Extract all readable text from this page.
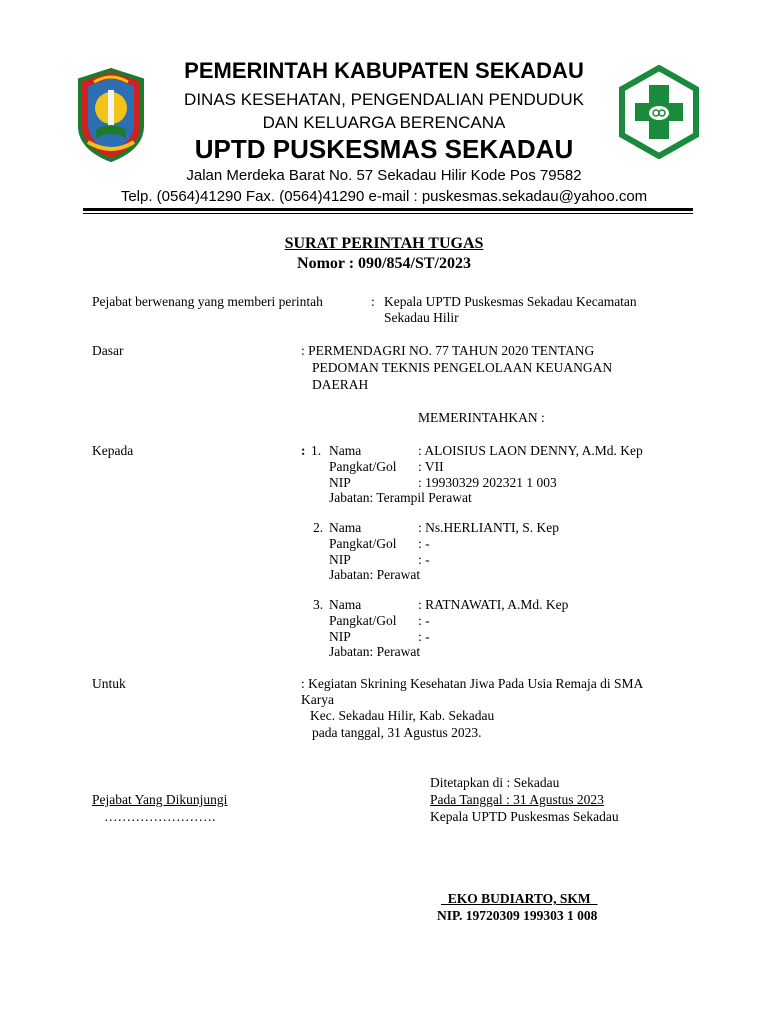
PEMERINTAH KABUPATEN SEKADAU
DINAS KESEHATAN, PENGENDALIAN PENDUDUK
DAN KELUARGA BERENCANA
UPTD PUSKESMAS SEKADAU
Jalan Merdeka Barat No. 57 Sekadau Hilir Kode Pos 79582
Telp. (0564)41290 Fax. (0564)41290 e-mail : puskesmas.sekadau@yahoo.com
SURAT PERINTAH TUGAS
Nomor : 090/854/ST/2023
Pejabat berwenang yang memberi perintah	: Kepala UPTD Puskesmas Sekadau Kecamatan
Sekadau Hilir
Dasar	: PERMENDAGRI NO. 77 TAHUN 2020 TENTANG
PEDOMAN TEKNIS PENGELOLAAN KEUANGAN
DAERAH
MEMERINTAHKAN :
Kepada	: 1. Nama	: ALOISIUS LAON DENNY, A.Md. Kep
Pangkat/Gol : VII
NIP	: 19930329 202321 1 003
Jabatan: Terampil Perawat
2. Nama	: Ns.HERLIANTI, S. Kep
Pangkat/Gol : -
NIP	: -
Jabatan: Perawat
3. Nama	: RATNAWATI, A.Md. Kep
Pangkat/Gol : -
NIP	: -
Jabatan: Perawat
Untuk	: Kegiatan Skrining Kesehatan Jiwa Pada Usia Remaja di SMA
Karya
Kec. Sekadau Hilir, Kab. Sekadau
pada tanggal, 31 Agustus 2023.
Ditetapkan di : Sekadau
Pejabat Yang Dikunjungi	Pada Tanggal : 31 Agustus 2023
…………………….	Kepala UPTD Puskesmas Sekadau
EKO BUDIARTO, SKM
NIP. 19720309 199303 1 008
